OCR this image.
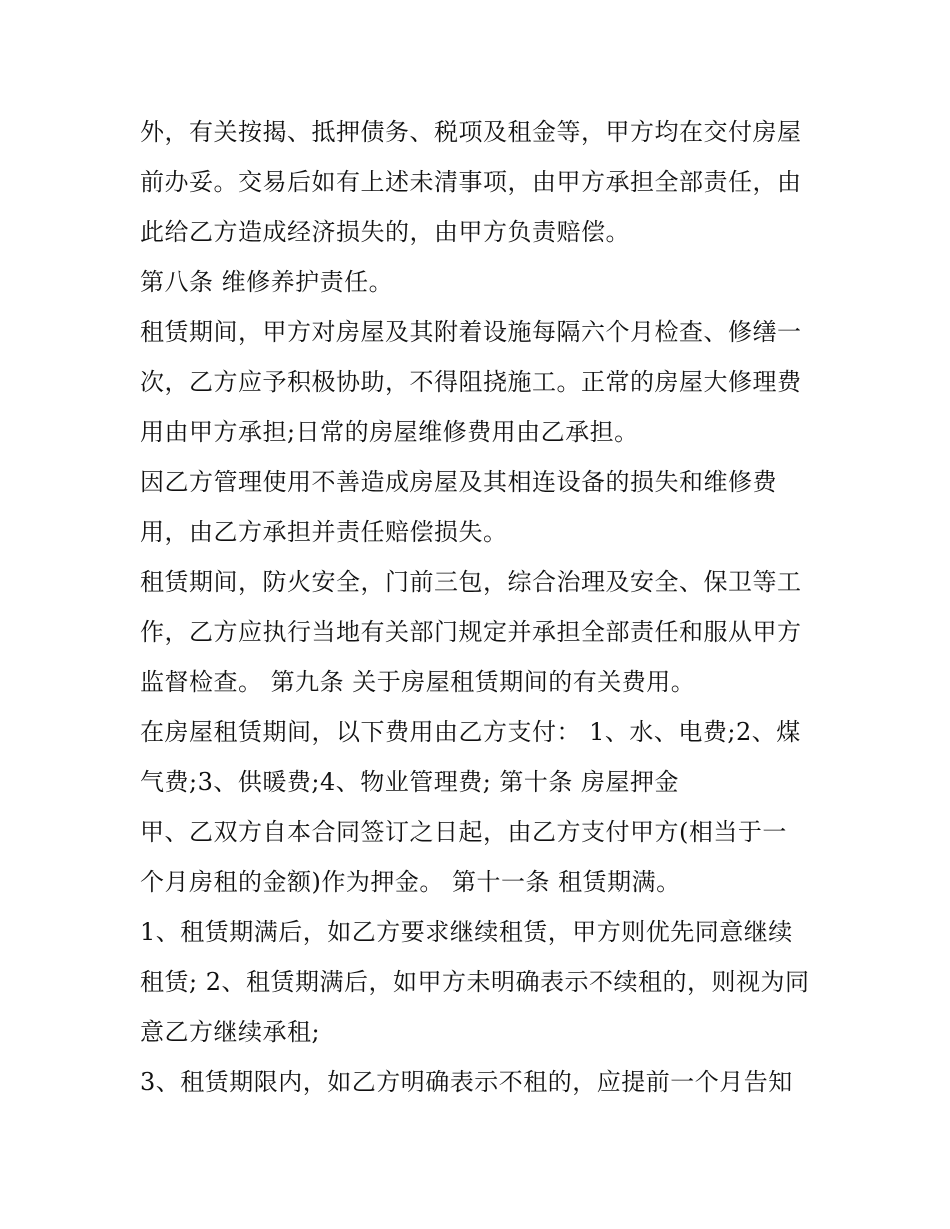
外，有关按揭、抵押债务、税项及租金等，甲方均在交付房屋
前办妥。交易后如有上述未清事项，由甲方承担全部责任，由
此给乙方造成经济损失的，由甲方负责赔偿。
第八条 维修养护责任。
租赁期间，甲方对房屋及其附着设施每隔六个月检查、修缮一
次，乙方应予积极协助，不得阻挠施工。正常的房屋大修理费
用由甲方承担;日常的房屋维修费用由乙承担。
因乙方管理使用不善造成房屋及其相连设备的损失和维修费
用，由乙方承担并责任赔偿损失。
租赁期间，防火安全，门前三包，综合治理及安全、保卫等工
作，乙方应执行当地有关部门规定并承担全部责任和服从甲方
监督检查。 第九条 关于房屋租赁期间的有关费用。
在房屋租赁期间，以下费用由乙方支付： 1、水、电费;2、煤
气费;3、供暖费;4、物业管理费; 第十条 房屋押金
甲、乙双方自本合同签订之日起，由乙方支付甲方(相当于一
个月房租的金额)作为押金。 第十一条 租赁期满。
1、租赁期满后，如乙方要求继续租赁，甲方则优先同意继续
租赁; 2、租赁期满后，如甲方未明确表示不续租的，则视为同
意乙方继续承租;
3、租赁期限内，如乙方明确表示不租的，应提前一个月告知
